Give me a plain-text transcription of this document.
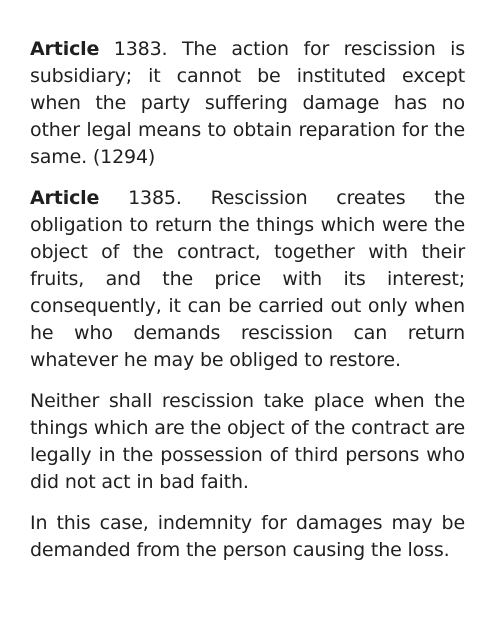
Article 1383. The action for rescission is subsidiary; it cannot be instituted except when the party suffering damage has no other legal means to obtain reparation for the same. (1294)

Article 1385. Rescission creates the obligation to return the things which were the object of the contract, together with their fruits, and the price with its interest; consequently, it can be carried out only when he who demands rescission can return whatever he may be obliged to restore.

Neither shall rescission take place when the things which are the object of the contract are legally in the possession of third persons who did not act in bad faith.

In this case, indemnity for damages may be demanded from the person causing the loss.
